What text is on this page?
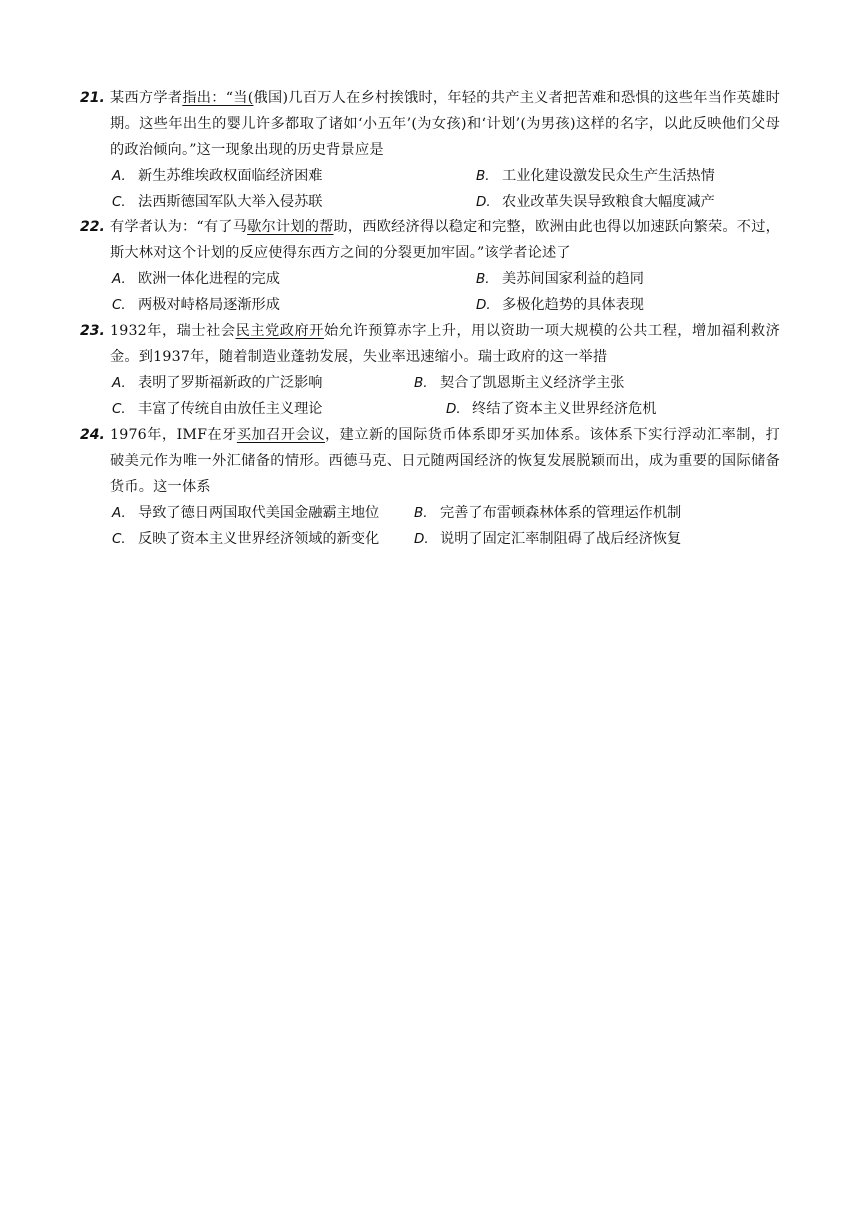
21. 某西方学者指出：“当(俄国)几百万人在乡村挨饿时，年轻的共产主义者把苦难和恐惧的这些年当作英雄时期。这些年出生的婴儿许多都取了诸如‘小五年’(为女孩)和‘计划’(为男孩)这样的名字，以此反映他们父母的政治倾向。”这一现象出现的历史背景应是
A. 新生苏维埃政权面临经济困难	B. 工业化建设激发民众生产生活热情
C. 法西斯德国军队大举入侵苏联	D. 农业改革失误导致粮食大幅度减产
22. 有学者认为：“有了马歇尔计划的帮助，西欧经济得以稳定和完整，欧洲由此也得以加速跃向繁荣。不过，斯大林对这个计划的反应使得东西方之间的分裂更加牢固。”该学者论述了
A. 欧洲一体化进程的完成	B. 美苏间国家利益的趋同
C. 两极对峙格局逐渐形成	D. 多极化趋势的具体表现
23. 1932年，瑞士社会民主党政府开始允许预算赤字上升，用以资助一项大规模的公共工程，增加福利救济金。到1937年，随着制造业蓬勃发展，失业率迅速缩小。瑞士政府的这一举措
A. 表明了罗斯福新政的广泛影响	B. 契合了凯恩斯主义经济学主张
C. 丰富了传统自由放任主义理论	D. 终结了资本主义世界经济危机
24. 1976年，IMF在牙买加召开会议，建立新的国际货币体系即牙买加体系。该体系下实行浮动汇率制，打破美元作为唯一外汇储备的情形。西德马克、日元随两国经济的恢复发展脱颖而出，成为重要的国际储备货币。这一体系
A. 导致了德日两国取代美国金融霸主地位	B. 完善了布雷顿森林体系的管理运作机制
C. 反映了资本主义世界经济领域的新变化	D. 说明了固定汇率制阻碍了战后经济恢复
